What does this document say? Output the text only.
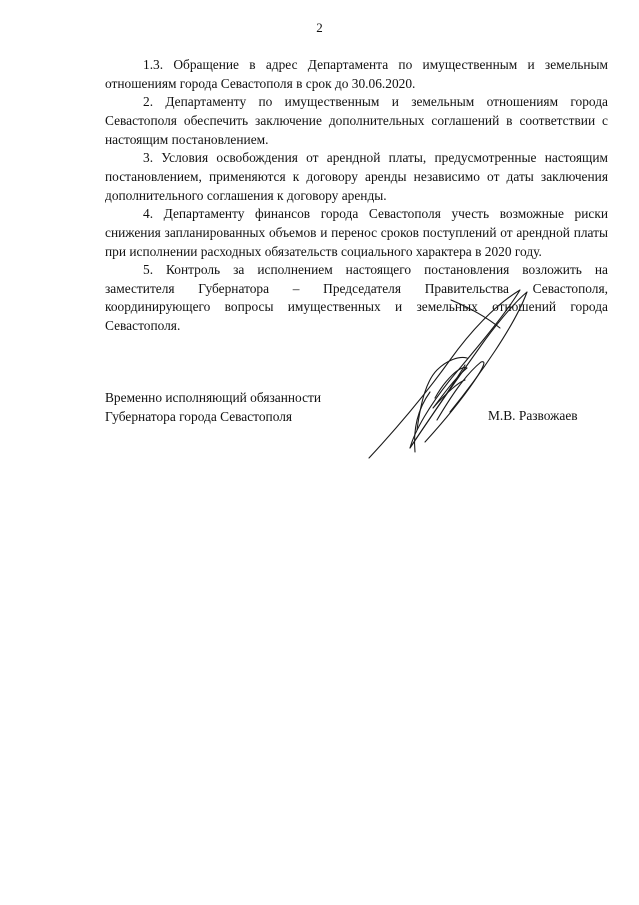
2

1.3. Обращение в адрес Департамента по имущественным и земельным отношениям города Севастополя в срок до 30.06.2020.

2. Департаменту по имущественным и земельным отношениям города Севастополя обеспечить заключение дополнительных соглашений в соответствии с настоящим постановлением.

3. Условия освобождения от арендной платы, предусмотренные настоящим постановлением, применяются к договору аренды независимо от даты заключения дополнительного соглашения к договору аренды.

4. Департаменту финансов города Севастополя учесть возможные риски снижения запланированных объемов и перенос сроков поступлений от арендной платы при исполнении расходных обязательств социального характера в 2020 году.

5. Контроль за исполнением настоящего постановления возложить на заместителя Губернатора – Председателя Правительства Севастополя, координирующего вопросы имущественных и земельных отношений города Севастополя.

Временно исполняющий обязанности
Губернатора города Севастополя	М.В. Развожаев
